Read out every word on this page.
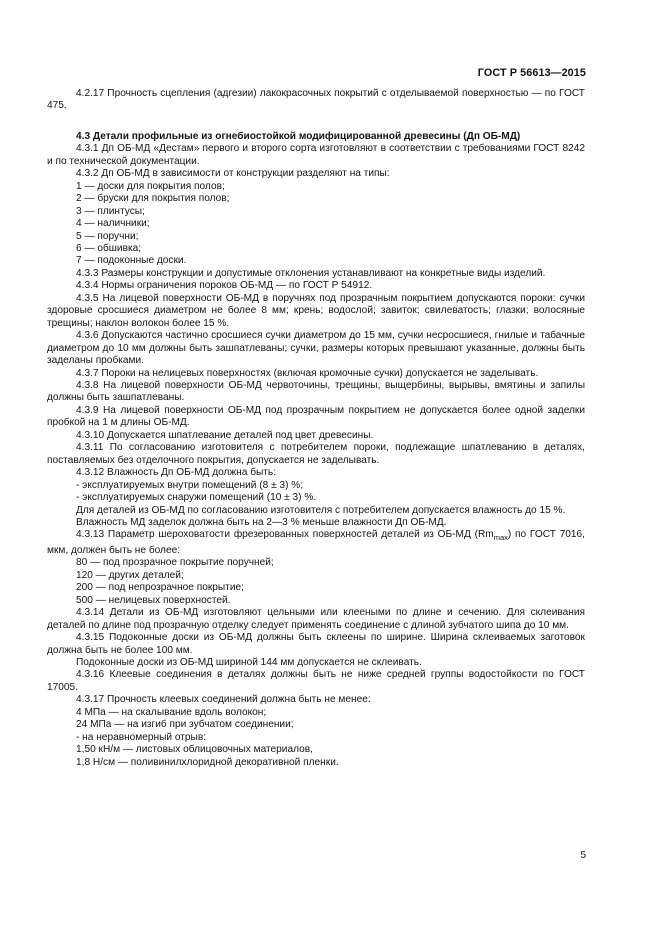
ГОСТ Р 56613—2015

4.2.17 Прочность сцепления (адгезии) лакокрасочных покрытий с отделываемой поверхностью — по ГОСТ 475.

4.3 Детали профильные из огнебиостойкой модифицированной древесины (Дп ОБ-МД)

4.3.1 Дп ОБ-МД «Дестам» первого и второго сорта изготовляют в соответствии с требованиями ГОСТ 8242 и по технической документации.

4.3.2 Дп ОБ-МД в зависимости от конструкции разделяют на типы:

1 — доски для покрытия полов;

2 — бруски для покрытия полов;

3 — плинтусы;

4 — наличники;

5 — поручни;

6 — обшивка;

7 — подоконные доски.

4.3.3 Размеры конструкции и допустимые отклонения устанавливают на конкретные виды изделий.

4.3.4 Нормы ограничения пороков ОБ-МД — по ГОСТ Р 54912.

4.3.5 На лицевой поверхности ОБ-МД в поручнях под прозрачным покрытием допускаются пороки: сучки здоровые сросшиеся диаметром не более 8 мм; крень; водослой; завиток; свилеватость; глазки; волосяные трещины; наклон волокон более 15 %.

4.3.6 Допускаются частично сросшиеся сучки диаметром до 15 мм, сучки несросшиеся, гнилые и табачные диаметром до 10 мм должны быть зашпатлеваны; сучки, размеры которых превышают указанные, должны быть заделаны пробками.

4.3.7 Пороки на нелицевых поверхностях (включая кромочные сучки) допускается не заделывать.

4.3.8 На лицевой поверхности ОБ-МД червоточины, трещины, выщербины, вырывы, вмятины и запилы должны быть зашпатлеваны.

4.3.9 На лицевой поверхности ОБ-МД под прозрачным покрытием не допускается более одной заделки пробкой на 1 м длины ОБ-МД.

4.3.10 Допускается шпатлевание деталей под цвет древесины.

4.3.11 По согласованию изготовителя с потребителем пороки, подлежащие шпатлеванию в деталях, поставляемых без отделочного покрытия, допускается не заделывать.

4.3.12 Влажность Дп ОБ-МД должна быть:

- эксплуатируемых внутри помещений (8 ± 3) %;

- эксплуатируемых снаружи помещений (10 ± 3) %.

Для деталей из ОБ-МД по согласованию изготовителя с потребителем допускается влажность до 15 %.

Влажность МД заделок должна быть на 2—3 % меньше влажности Дп ОБ-МД.

4.3.13 Параметр шероховатости фрезерованных поверхностей деталей из ОБ-МД $(Rm_{max})$ по ГОСТ 7016, мкм, должен быть не более:

80 — под прозрачное покрытие поручней;

120 — других деталей;

200 — под непрозрачное покрытие;

500 — нелицевых поверхностей.

4.3.14 Детали из ОБ-МД изготовляют цельными или клееными по длине и сечению. Для склеивания деталей по длине под прозрачную отделку следует применять соединение с длиной зубчатого шипа до 10 мм.

4.3.15 Подоконные доски из ОБ-МД должны быть склеены по ширине. Ширина склеиваемых заготовок должна быть не более 100 мм.

Подоконные доски из ОБ-МД шириной 144 мм допускается не склеивать.

4.3.16 Клеевые соединения в деталях должны быть не ниже средней группы водостойкости по ГОСТ 17005.

4.3.17 Прочность клеевых соединений должна быть не менее:

4 МПа — на скалывание вдоль волокон;

24 МПа — на изгиб при зубчатом соединении;

- на неравномерный отрыв:

1,50 кН/м — листовых облицовочных материалов,

1,8 Н/см — поливинилхлоридной декоративной пленки.

5
